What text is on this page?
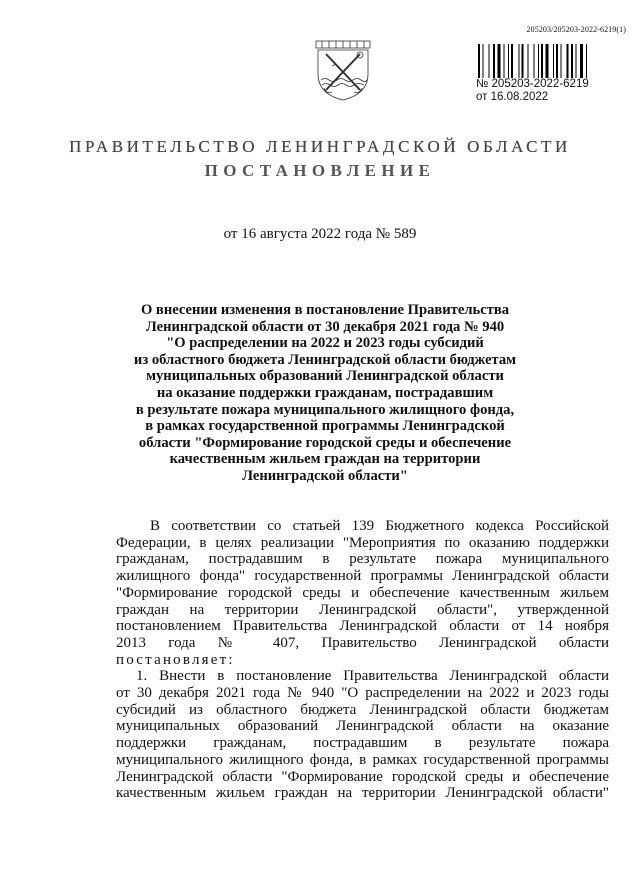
205203/205203-2022-6219(1)
№ 205203-2022-6219
от 16.08.2022
ПРАВИТЕЛЬСТВО ЛЕНИНГРАДСКОЙ ОБЛАСТИ
ПОСТАНОВЛЕНИЕ
от 16 августа 2022 года № 589
О внесении изменения в постановление Правительства
Ленинградской области от 30 декабря 2021 года № 940
"О распределении на 2022 и 2023 годы субсидий
из областного бюджета Ленинградской области бюджетам
муниципальных образований Ленинградской области
на оказание поддержки гражданам, пострадавшим
в результате пожара муниципального жилищного фонда,
в рамках государственной программы Ленинградской
области "Формирование городской среды и обеспечение
качественным жильем граждан на территории
Ленинградской области"
В соответствии со статьей 139 Бюджетного кодекса Российской
Федерации, в целях реализации "Мероприятия по оказанию поддержки
гражданам, пострадавшим в результате пожара муниципального
жилищного фонда" государственной программы Ленинградской области
"Формирование городской среды и обеспечение качественным жильем
граждан на территории Ленинградской области", утвержденной
постановлением Правительства Ленинградской области от 14 ноября
2013 года № 407, Правительство Ленинградской области
постановляет:
1. Внести в постановление Правительства Ленинградской области
от 30 декабря 2021 года № 940 "О распределении на 2022 и 2023 годы
субсидий из областного бюджета Ленинградской области бюджетам
муниципальных образований Ленинградской области на оказание
поддержки гражданам, пострадавшим в результате пожара
муниципального жилищного фонда, в рамках государственной программы
Ленинградской области "Формирование городской среды и обеспечение
качественным жильем граждан на территории Ленинградской области"
